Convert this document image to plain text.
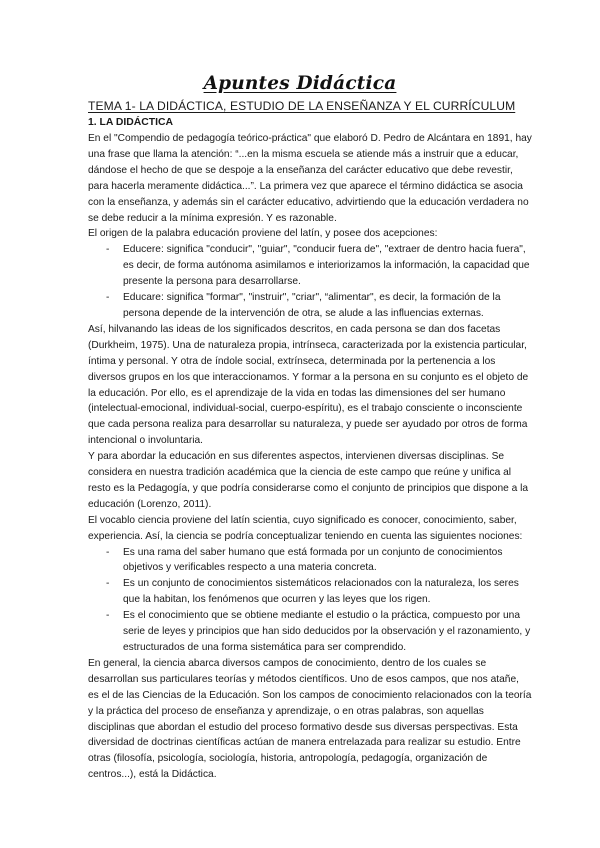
Apuntes Didáctica
TEMA 1- LA DIDÁCTICA, ESTUDIO DE LA ENSEÑANZA Y EL CURRÍCULUM
1. LA DIDÁCTICA

En el "Compendio de pedagogía teórico-práctica" que elaboró D. Pedro de Alcántara en 1891, hay una frase que llama la atención: “...en la misma escuela se atiende más a instruir que a educar, dándose el hecho de que se despoje a la enseñanza del carácter educativo que debe revestir, para hacerla meramente didáctica...”. La primera vez que aparece el término didáctica se asocia con la enseñanza, y además sin el carácter educativo, advirtiendo que la educación verdadera no se debe reducir a la mínima expresión. Y es razonable.

El origen de la palabra educación proviene del latín, y posee dos acepciones:

- Educere: significa "conducir", "guiar", "conducir fuera de", "extraer de dentro hacia fuera", es decir, de forma autónoma asimilamos e interiorizamos la información, la capacidad que presente la persona para desarrollarse.
- Educare: significa "formar", "instruir", "criar", “alimentar", es decir, la formación de la persona depende de la intervención de otra, se alude a las influencias externas.

Así, hilvanando las ideas de los significados descritos, en cada persona se dan dos facetas (Durkheim, 1975). Una de naturaleza propia, intrínseca, caracterizada por la existencia particular, íntima y personal. Y otra de índole social, extrínseca, determinada por la pertenencia a los diversos grupos en los que interaccionamos. Y formar a la persona en su conjunto es el objeto de la educación. Por ello, es el aprendizaje de la vida en todas las dimensiones del ser humano (intelectual-emocional, individual-social, cuerpo-espíritu), es el trabajo consciente o inconsciente que cada persona realiza para desarrollar su naturaleza, y puede ser ayudado por otros de forma intencional o involuntaria.

Y para abordar la educación en sus diferentes aspectos, intervienen diversas disciplinas. Se considera en nuestra tradición académica que la ciencia de este campo que reúne y unifica al resto es la Pedagogía, y que podría considerarse como el conjunto de principios que dispone a la educación (Lorenzo, 2011).

El vocablo ciencia proviene del latín scientia, cuyo significado es conocer, conocimiento, saber, experiencia. Así, la ciencia se podría conceptualizar teniendo en cuenta las siguientes nociones:

- Es una rama del saber humano que está formada por un conjunto de conocimientos objetivos y verificables respecto a una materia concreta.
- Es un conjunto de conocimientos sistemáticos relacionados con la naturaleza, los seres que la habitan, los fenómenos que ocurren y las leyes que los rigen.
- Es el conocimiento que se obtiene mediante el estudio o la práctica, compuesto por una serie de leyes y principios que han sido deducidos por la observación y el razonamiento, y estructurados de una forma sistemática para ser comprendido.

En general, la ciencia abarca diversos campos de conocimiento, dentro de los cuales se desarrollan sus particulares teorías y métodos científicos. Uno de esos campos, que nos atañe, es el de las Ciencias de la Educación. Son los campos de conocimiento relacionados con la teoría y la práctica del proceso de enseñanza y aprendizaje, o en otras palabras, son aquellas disciplinas que abordan el estudio del proceso formativo desde sus diversas perspectivas. Esta diversidad de doctrinas científicas actúan de manera entrelazada para realizar su estudio. Entre otras (filosofía, psicología, sociología, historia, antropología, pedagogía, organización de centros...), está la Didáctica.
